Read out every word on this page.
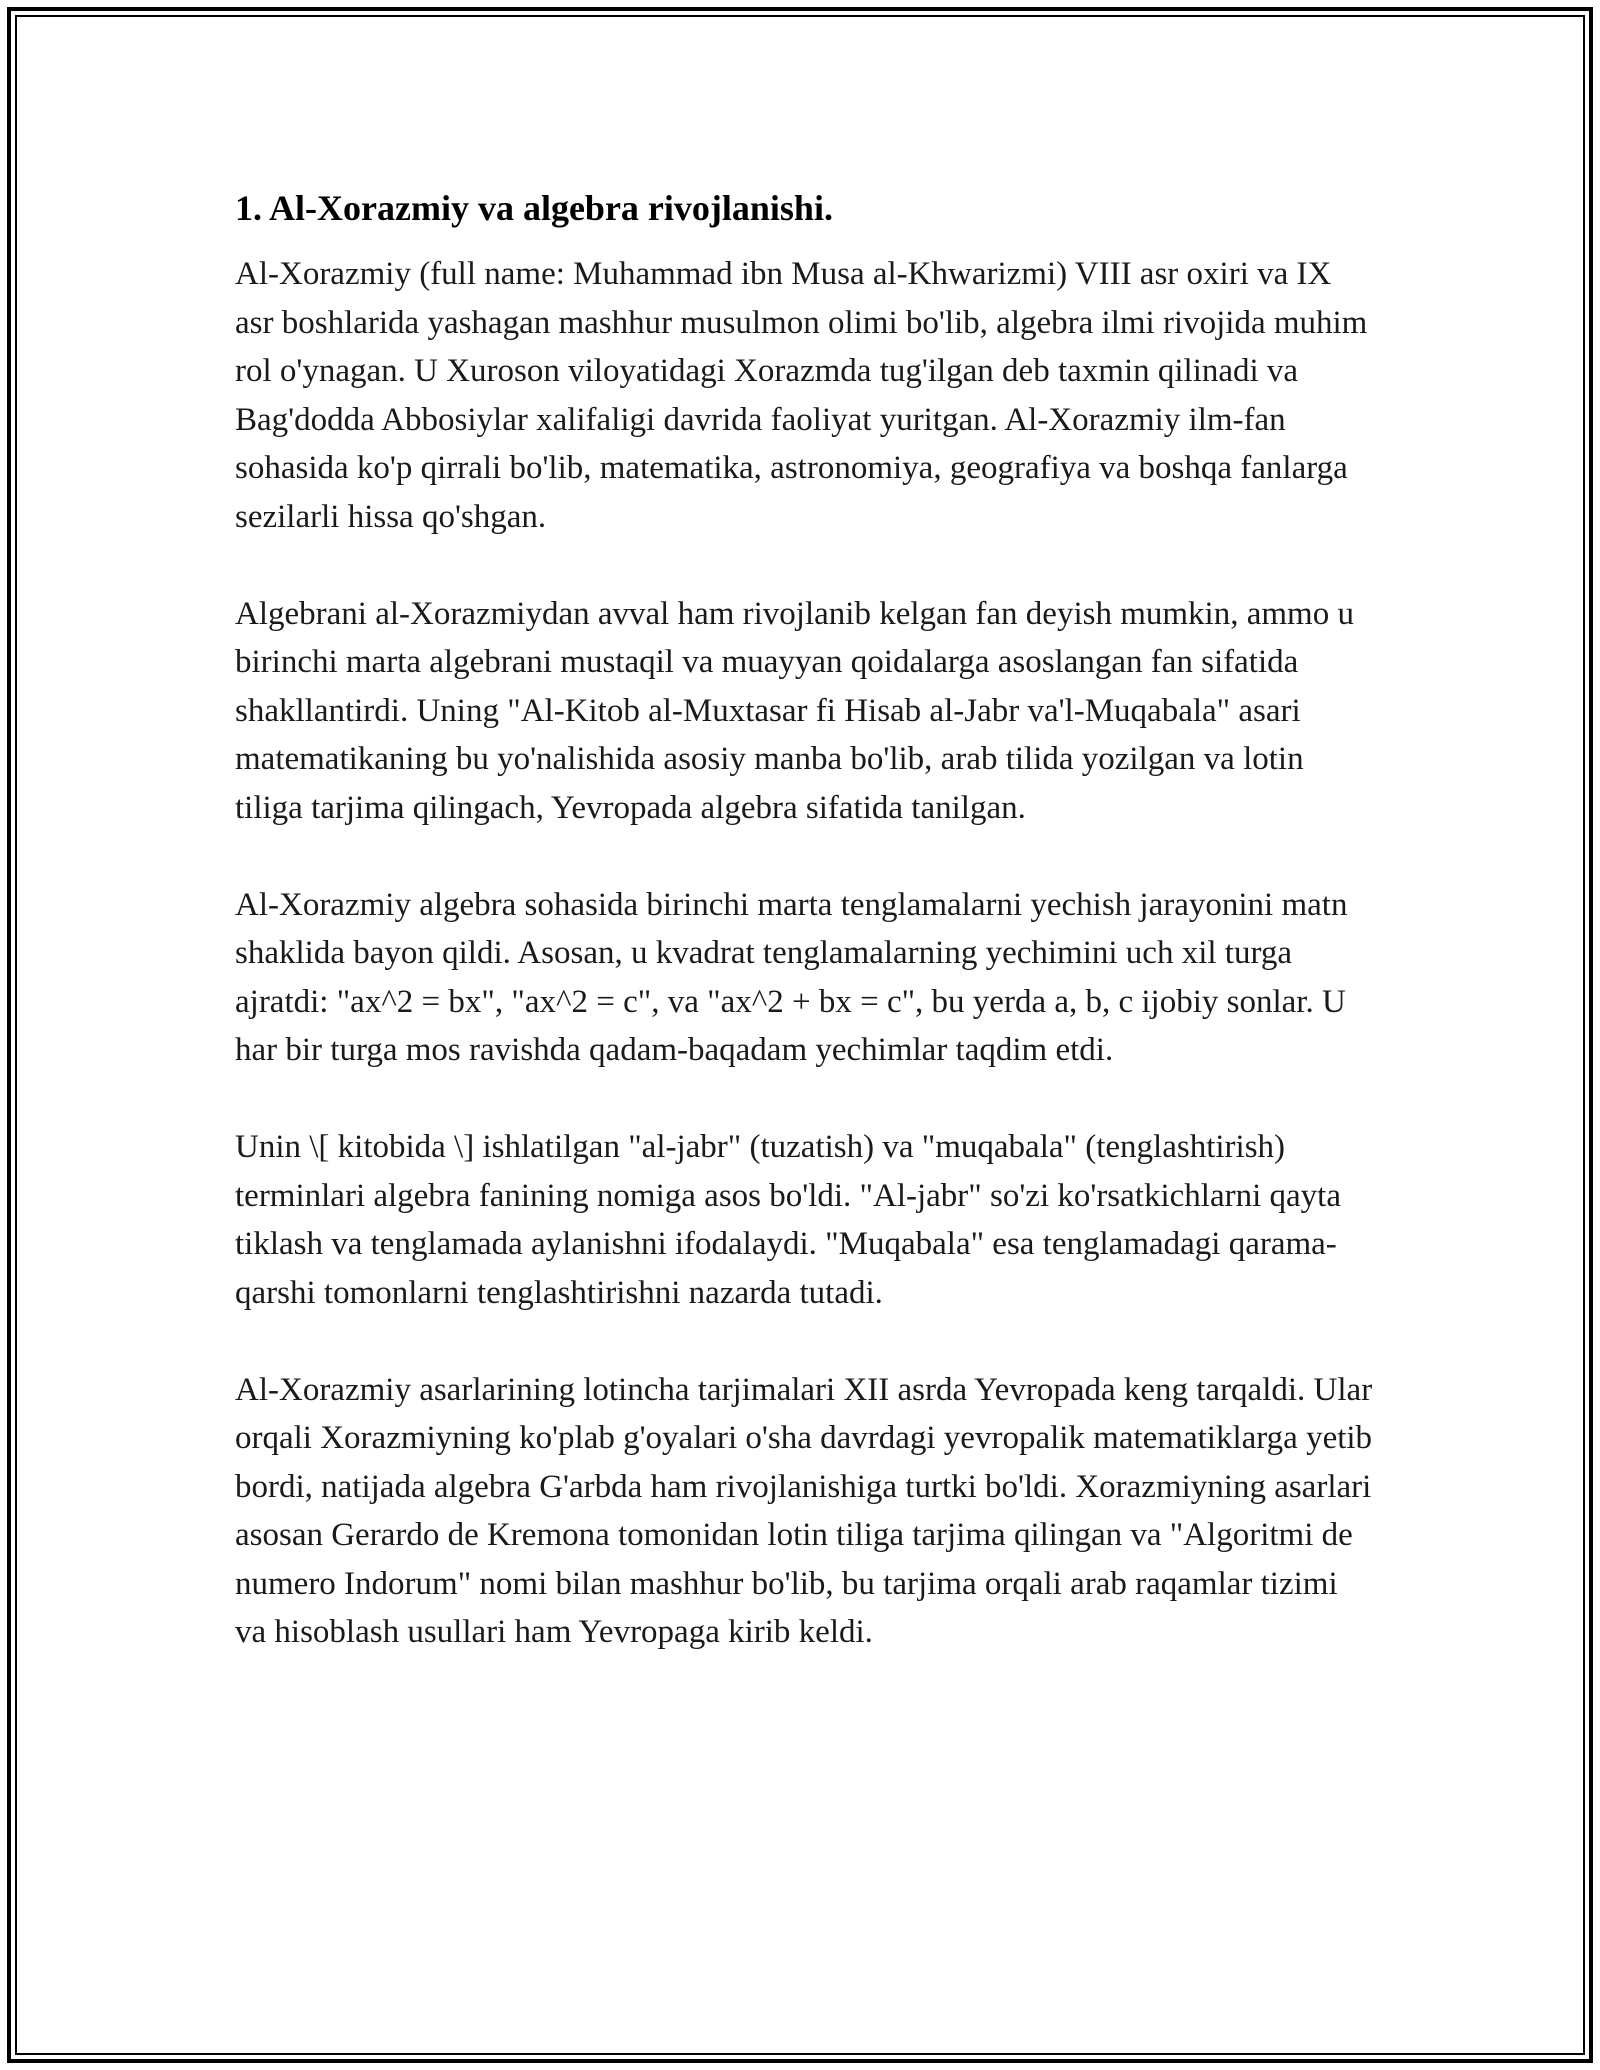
1. Al-Xorazmiy va algebra rivojlanishi.

Al-Xorazmiy (full name: Muhammad ibn Musa al-Khwarizmi) VIII asr oxiri va IX asr boshlarida yashagan mashhur musulmon olimi bo'lib, algebra ilmi rivojida muhim rol o'ynagan. U Xuroson viloyatidagi Xorazmda tug'ilgan deb taxmin qilinadi va Bag'dodda Abbosiylar xalifaligi davrida faoliyat yuritgan. Al-Xorazmiy ilm-fan sohasida ko'p qirrali bo'lib, matematika, astronomiya, geografiya va boshqa fanlarga sezilarli hissa qo'shgan.

Algebrani al-Xorazmiydan avval ham rivojlanib kelgan fan deyish mumkin, ammo u birinchi marta algebrani mustaqil va muayyan qoidalarga asoslangan fan sifatida shakllantirdi. Uning "Al-Kitob al-Muxtasar fi Hisab al-Jabr va'l-Muqabala" asari matematikaning bu yo'nalishida asosiy manba bo'lib, arab tilida yozilgan va lotin tiliga tarjima qilingach, Yevropada algebra sifatida tanilgan.

Al-Xorazmiy algebra sohasida birinchi marta tenglamalarni yechish jarayonini matn shaklida bayon qildi. Asosan, u kvadrat tenglamalarning yechimini uch xil turga ajratdi: "ax^2 = bx", "ax^2 = c", va "ax^2 + bx = c", bu yerda a, b, c ijobiy sonlar. U har bir turga mos ravishda qadam-baqadam yechimlar taqdim etdi.

Unin \[ kitobida \] ishlatilgan "al-jabr" (tuzatish) va "muqabala" (tenglashtirish) terminlari algebra fanining nomiga asos bo'ldi. "Al-jabr" so'zi ko'rsatkichlarni qayta tiklash va tenglamada aylanishni ifodalaydi. "Muqabala" esa tenglamadagi qarama-qarshi tomonlarni tenglashtirishni nazarda tutadi.

Al-Xorazmiy asarlarining lotincha tarjimalari XII asrda Yevropada keng tarqaldi. Ular orqali Xorazmiyning ko'plab g'oyalari o'sha davrdagi yevropalik matematiklarga yetib bordi, natijada algebra G'arbda ham rivojlanishiga turtki bo'ldi. Xorazmiyning asarlari asosan Gerardo de Kremona tomonidan lotin tiliga tarjima qilingan va "Algoritmi de numero Indorum" nomi bilan mashhur bo'lib, bu tarjima orqali arab raqamlar tizimi va hisoblash usullari ham Yevropaga kirib keldi.
